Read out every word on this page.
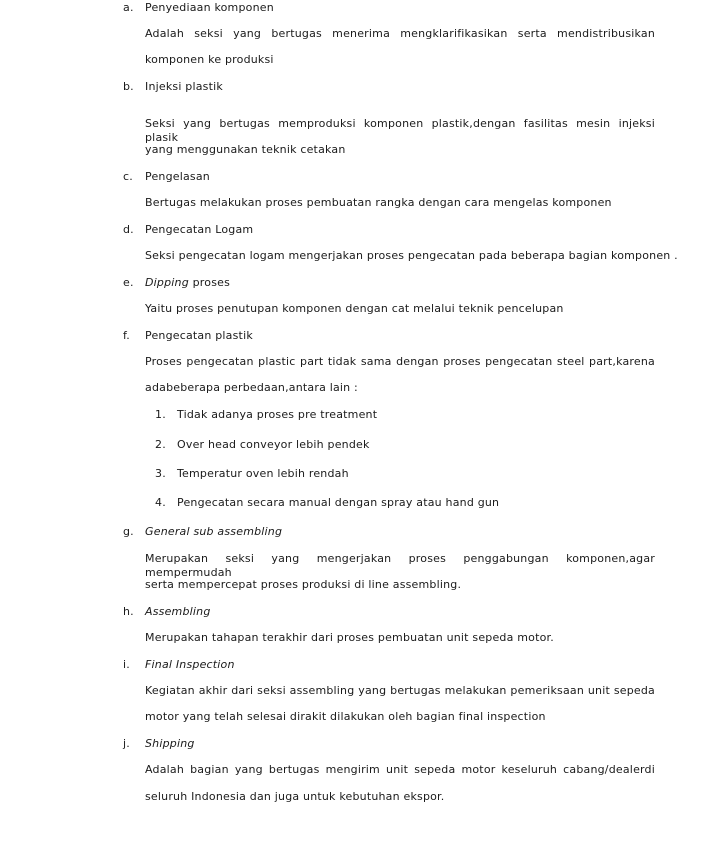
a. Penyediaan komponen
Adalah seksi yang bertugas menerima mengklarifikasikan serta mendistribusikan
komponen ke produksi
b. Injeksi plastik
Seksi yang bertugas memproduksi komponen plastik,dengan fasilitas mesin injeksi plasik
yang menggunakan teknik cetakan
c. Pengelasan
Bertugas melakukan proses pembuatan rangka dengan cara mengelas komponen
d. Pengecatan Logam
Seksi pengecatan logam mengerjakan proses pengecatan pada beberapa bagian komponen .
e. Dipping proses
Yaitu proses penutupan komponen dengan cat melalui teknik pencelupan
f. Pengecatan plastik
Proses pengecatan plastic part tidak sama dengan proses pengecatan steel part,karena
adabeberapa perbedaan,antara lain :
1. Tidak adanya proses pre treatment
2. Over head conveyor lebih pendek
3. Temperatur oven lebih rendah
4. Pengecatan secara manual dengan spray atau hand gun
g. General sub assembling
Merupakan seksi yang mengerjakan proses penggabungan komponen,agar mempermudah
serta mempercepat proses produksi di line assembling.
h. Assembling
Merupakan tahapan terakhir dari proses pembuatan unit sepeda motor.
i. Final Inspection
Kegiatan akhir dari seksi assembling yang bertugas melakukan pemeriksaan unit sepeda
motor yang telah selesai dirakit dilakukan oleh bagian final inspection
j. Shipping
Adalah bagian yang bertugas mengirim unit sepeda motor keseluruh cabang/dealerdi
seluruh Indonesia dan juga untuk kebutuhan ekspor.
